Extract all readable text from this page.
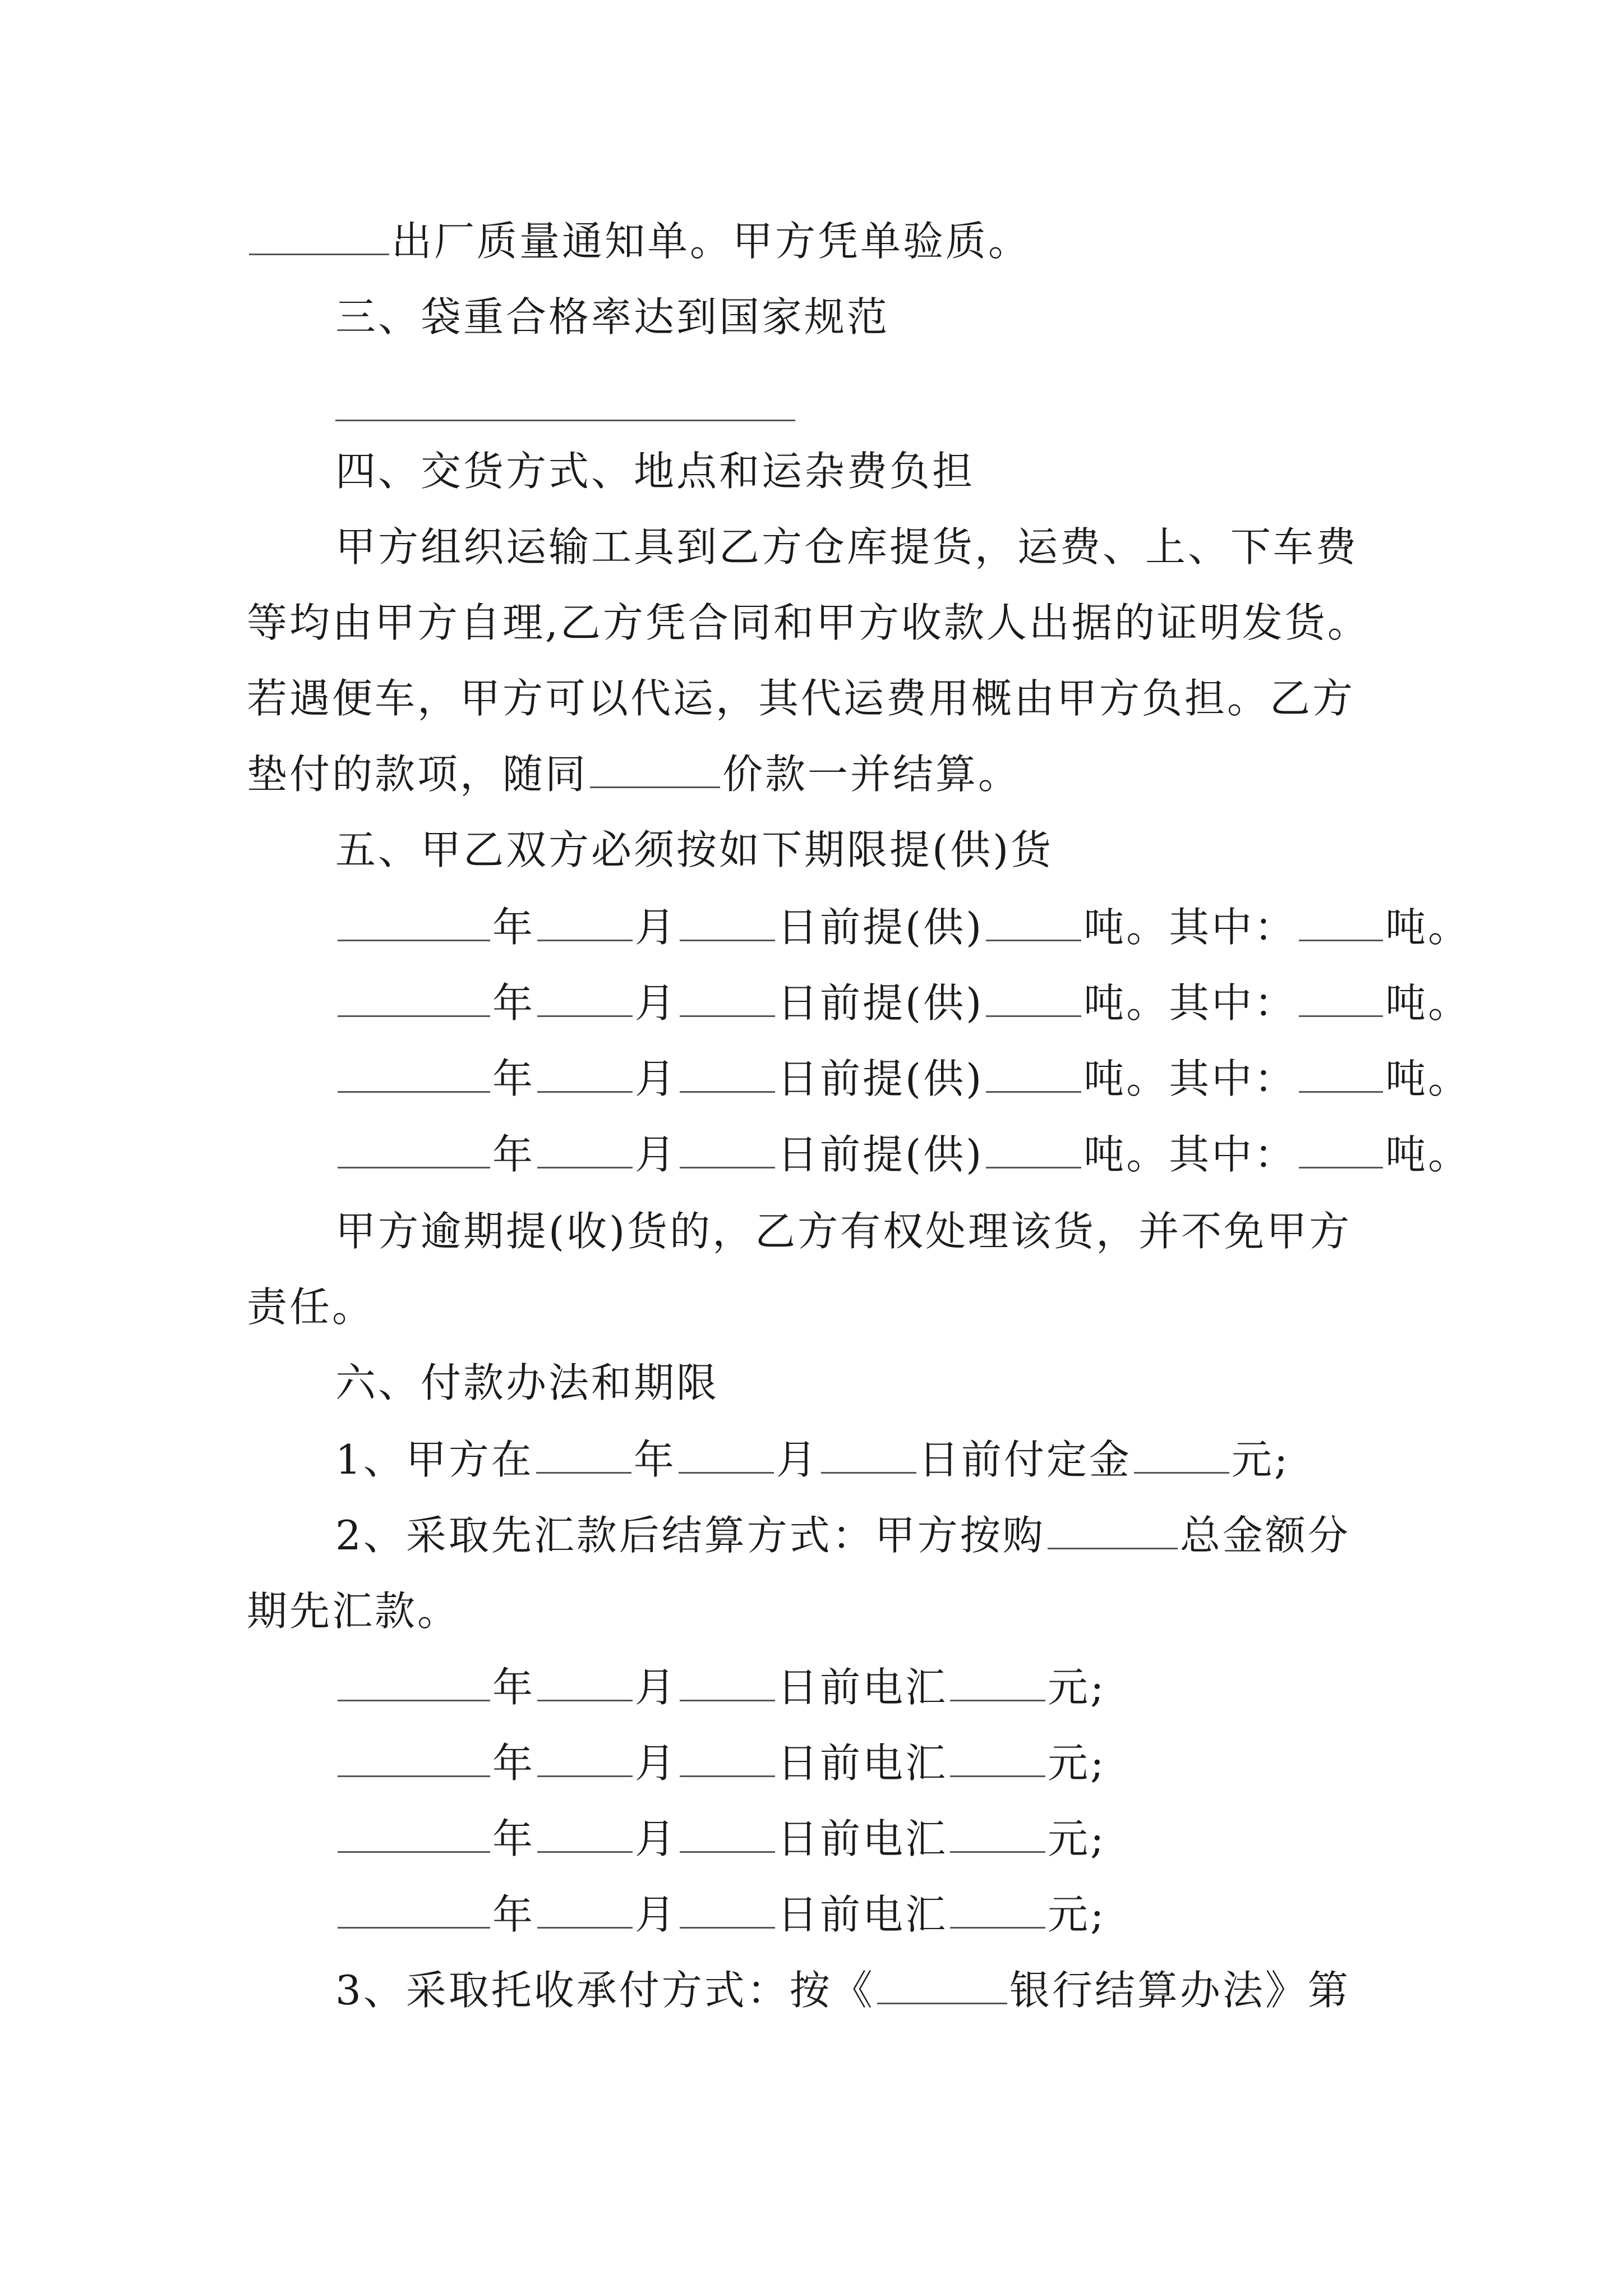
出厂质量通知单。甲方凭单验质。
三、袋重合格率达到国家规范
四、交货方式、地点和运杂费负担
甲方组织运输工具到乙方仓库提货，运费、上、下车费
等均由甲方自理,乙方凭合同和甲方收款人出据的证明发货。
若遇便车，甲方可以代运，其代运费用概由甲方负担。乙方
垫付的款项，随同	价款一并结算。
五、甲乙双方必须按如下期限提(供)货
年 月 日前提(供) 吨。其中： 吨。
年 月 日前提(供) 吨。其中： 吨。
年 月 日前提(供) 吨。其中： 吨。
年 月 日前提(供) 吨。其中： 吨。
甲方逾期提(收)货的，乙方有权处理该货，并不免甲方
责任。
六、付款办法和期限
1、甲方在 年 月 日前付定金 元;
2、采取先汇款后结算方式：甲方按购	总金额分
期先汇款。
年 月 日前电汇 元;
年 月 日前电汇 元;
年 月 日前电汇 元;
年 月 日前电汇 元;
3、采取托收承付方式：按《	银行结算办法》第
